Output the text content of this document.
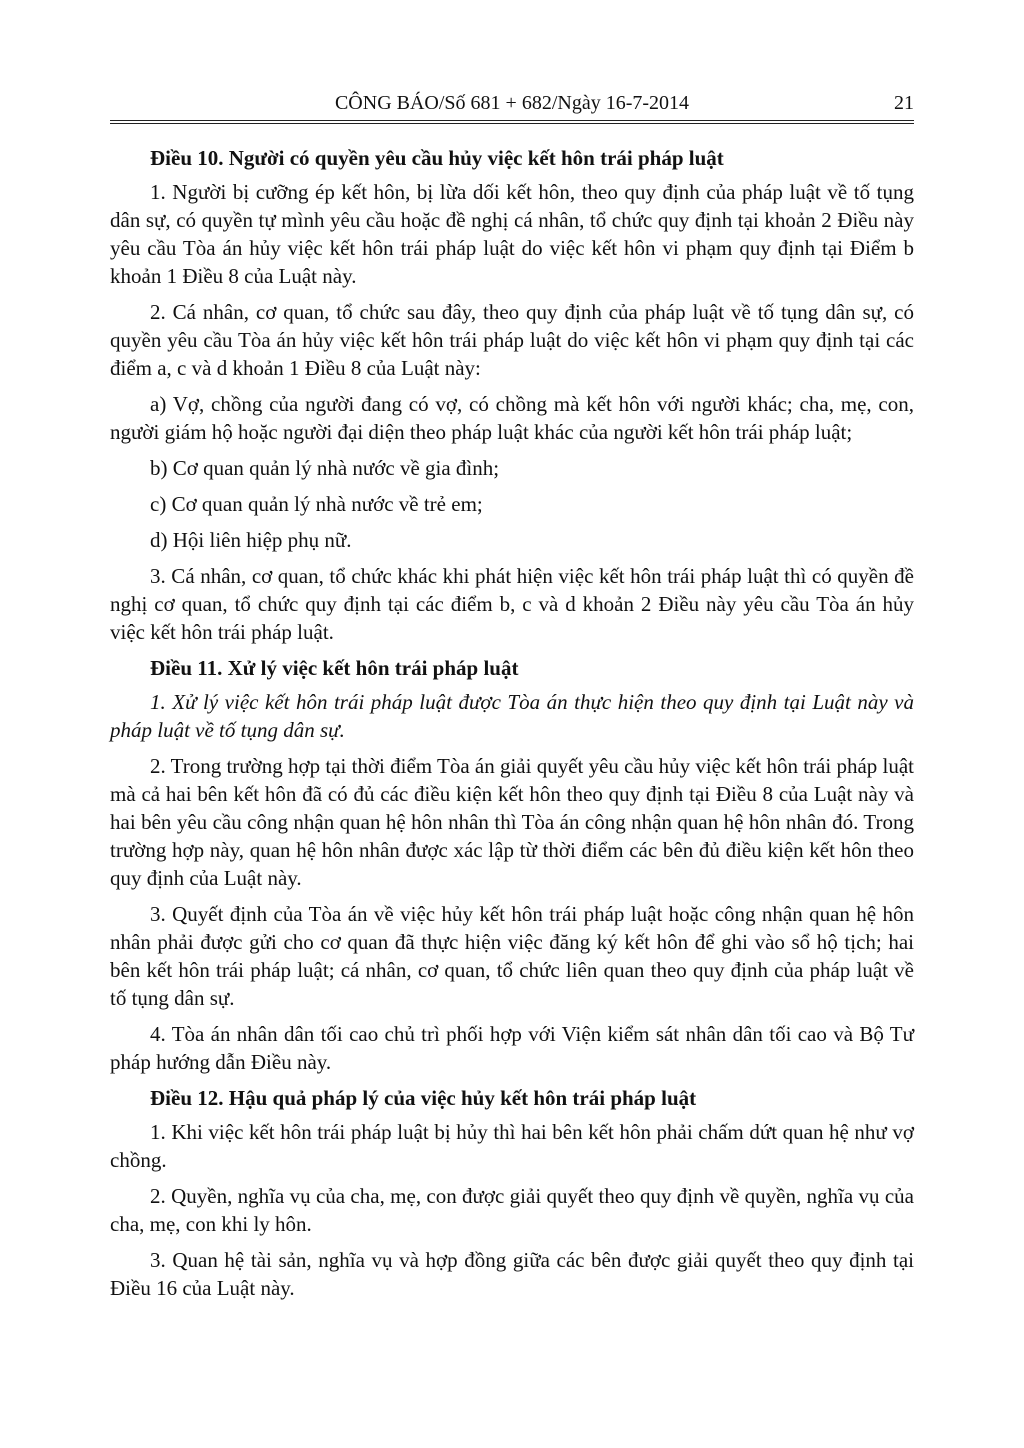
CÔNG BÁO/Số 681 + 682/Ngày 16-7-2014	21

Điều 10. Người có quyền yêu cầu hủy việc kết hôn trái pháp luật

1. Người bị cưỡng ép kết hôn, bị lừa dối kết hôn, theo quy định của pháp luật về tố tụng dân sự, có quyền tự mình yêu cầu hoặc đề nghị cá nhân, tổ chức quy định tại khoản 2 Điều này yêu cầu Tòa án hủy việc kết hôn trái pháp luật do việc kết hôn vi phạm quy định tại Điểm b khoản 1 Điều 8 của Luật này.

2. Cá nhân, cơ quan, tổ chức sau đây, theo quy định của pháp luật về tố tụng dân sự, có quyền yêu cầu Tòa án hủy việc kết hôn trái pháp luật do việc kết hôn vi phạm quy định tại các điểm a, c và d khoản 1 Điều 8 của Luật này:

a) Vợ, chồng của người đang có vợ, có chồng mà kết hôn với người khác; cha, mẹ, con, người giám hộ hoặc người đại diện theo pháp luật khác của người kết hôn trái pháp luật;

b) Cơ quan quản lý nhà nước về gia đình;

c) Cơ quan quản lý nhà nước về trẻ em;

d) Hội liên hiệp phụ nữ.

3. Cá nhân, cơ quan, tổ chức khác khi phát hiện việc kết hôn trái pháp luật thì có quyền đề nghị cơ quan, tổ chức quy định tại các điểm b, c và d khoản 2 Điều này yêu cầu Tòa án hủy việc kết hôn trái pháp luật.

Điều 11. Xử lý việc kết hôn trái pháp luật

1. Xử lý việc kết hôn trái pháp luật được Tòa án thực hiện theo quy định tại Luật này và pháp luật về tố tụng dân sự.

2. Trong trường hợp tại thời điểm Tòa án giải quyết yêu cầu hủy việc kết hôn trái pháp luật mà cả hai bên kết hôn đã có đủ các điều kiện kết hôn theo quy định tại Điều 8 của Luật này và hai bên yêu cầu công nhận quan hệ hôn nhân thì Tòa án công nhận quan hệ hôn nhân đó. Trong trường hợp này, quan hệ hôn nhân được xác lập từ thời điểm các bên đủ điều kiện kết hôn theo quy định của Luật này.

3. Quyết định của Tòa án về việc hủy kết hôn trái pháp luật hoặc công nhận quan hệ hôn nhân phải được gửi cho cơ quan đã thực hiện việc đăng ký kết hôn để ghi vào sổ hộ tịch; hai bên kết hôn trái pháp luật; cá nhân, cơ quan, tổ chức liên quan theo quy định của pháp luật về tố tụng dân sự.

4. Tòa án nhân dân tối cao chủ trì phối hợp với Viện kiểm sát nhân dân tối cao và Bộ Tư pháp hướng dẫn Điều này.

Điều 12. Hậu quả pháp lý của việc hủy kết hôn trái pháp luật

1. Khi việc kết hôn trái pháp luật bị hủy thì hai bên kết hôn phải chấm dứt quan hệ như vợ chồng.

2. Quyền, nghĩa vụ của cha, mẹ, con được giải quyết theo quy định về quyền, nghĩa vụ của cha, mẹ, con khi ly hôn.

3. Quan hệ tài sản, nghĩa vụ và hợp đồng giữa các bên được giải quyết theo quy định tại Điều 16 của Luật này.
